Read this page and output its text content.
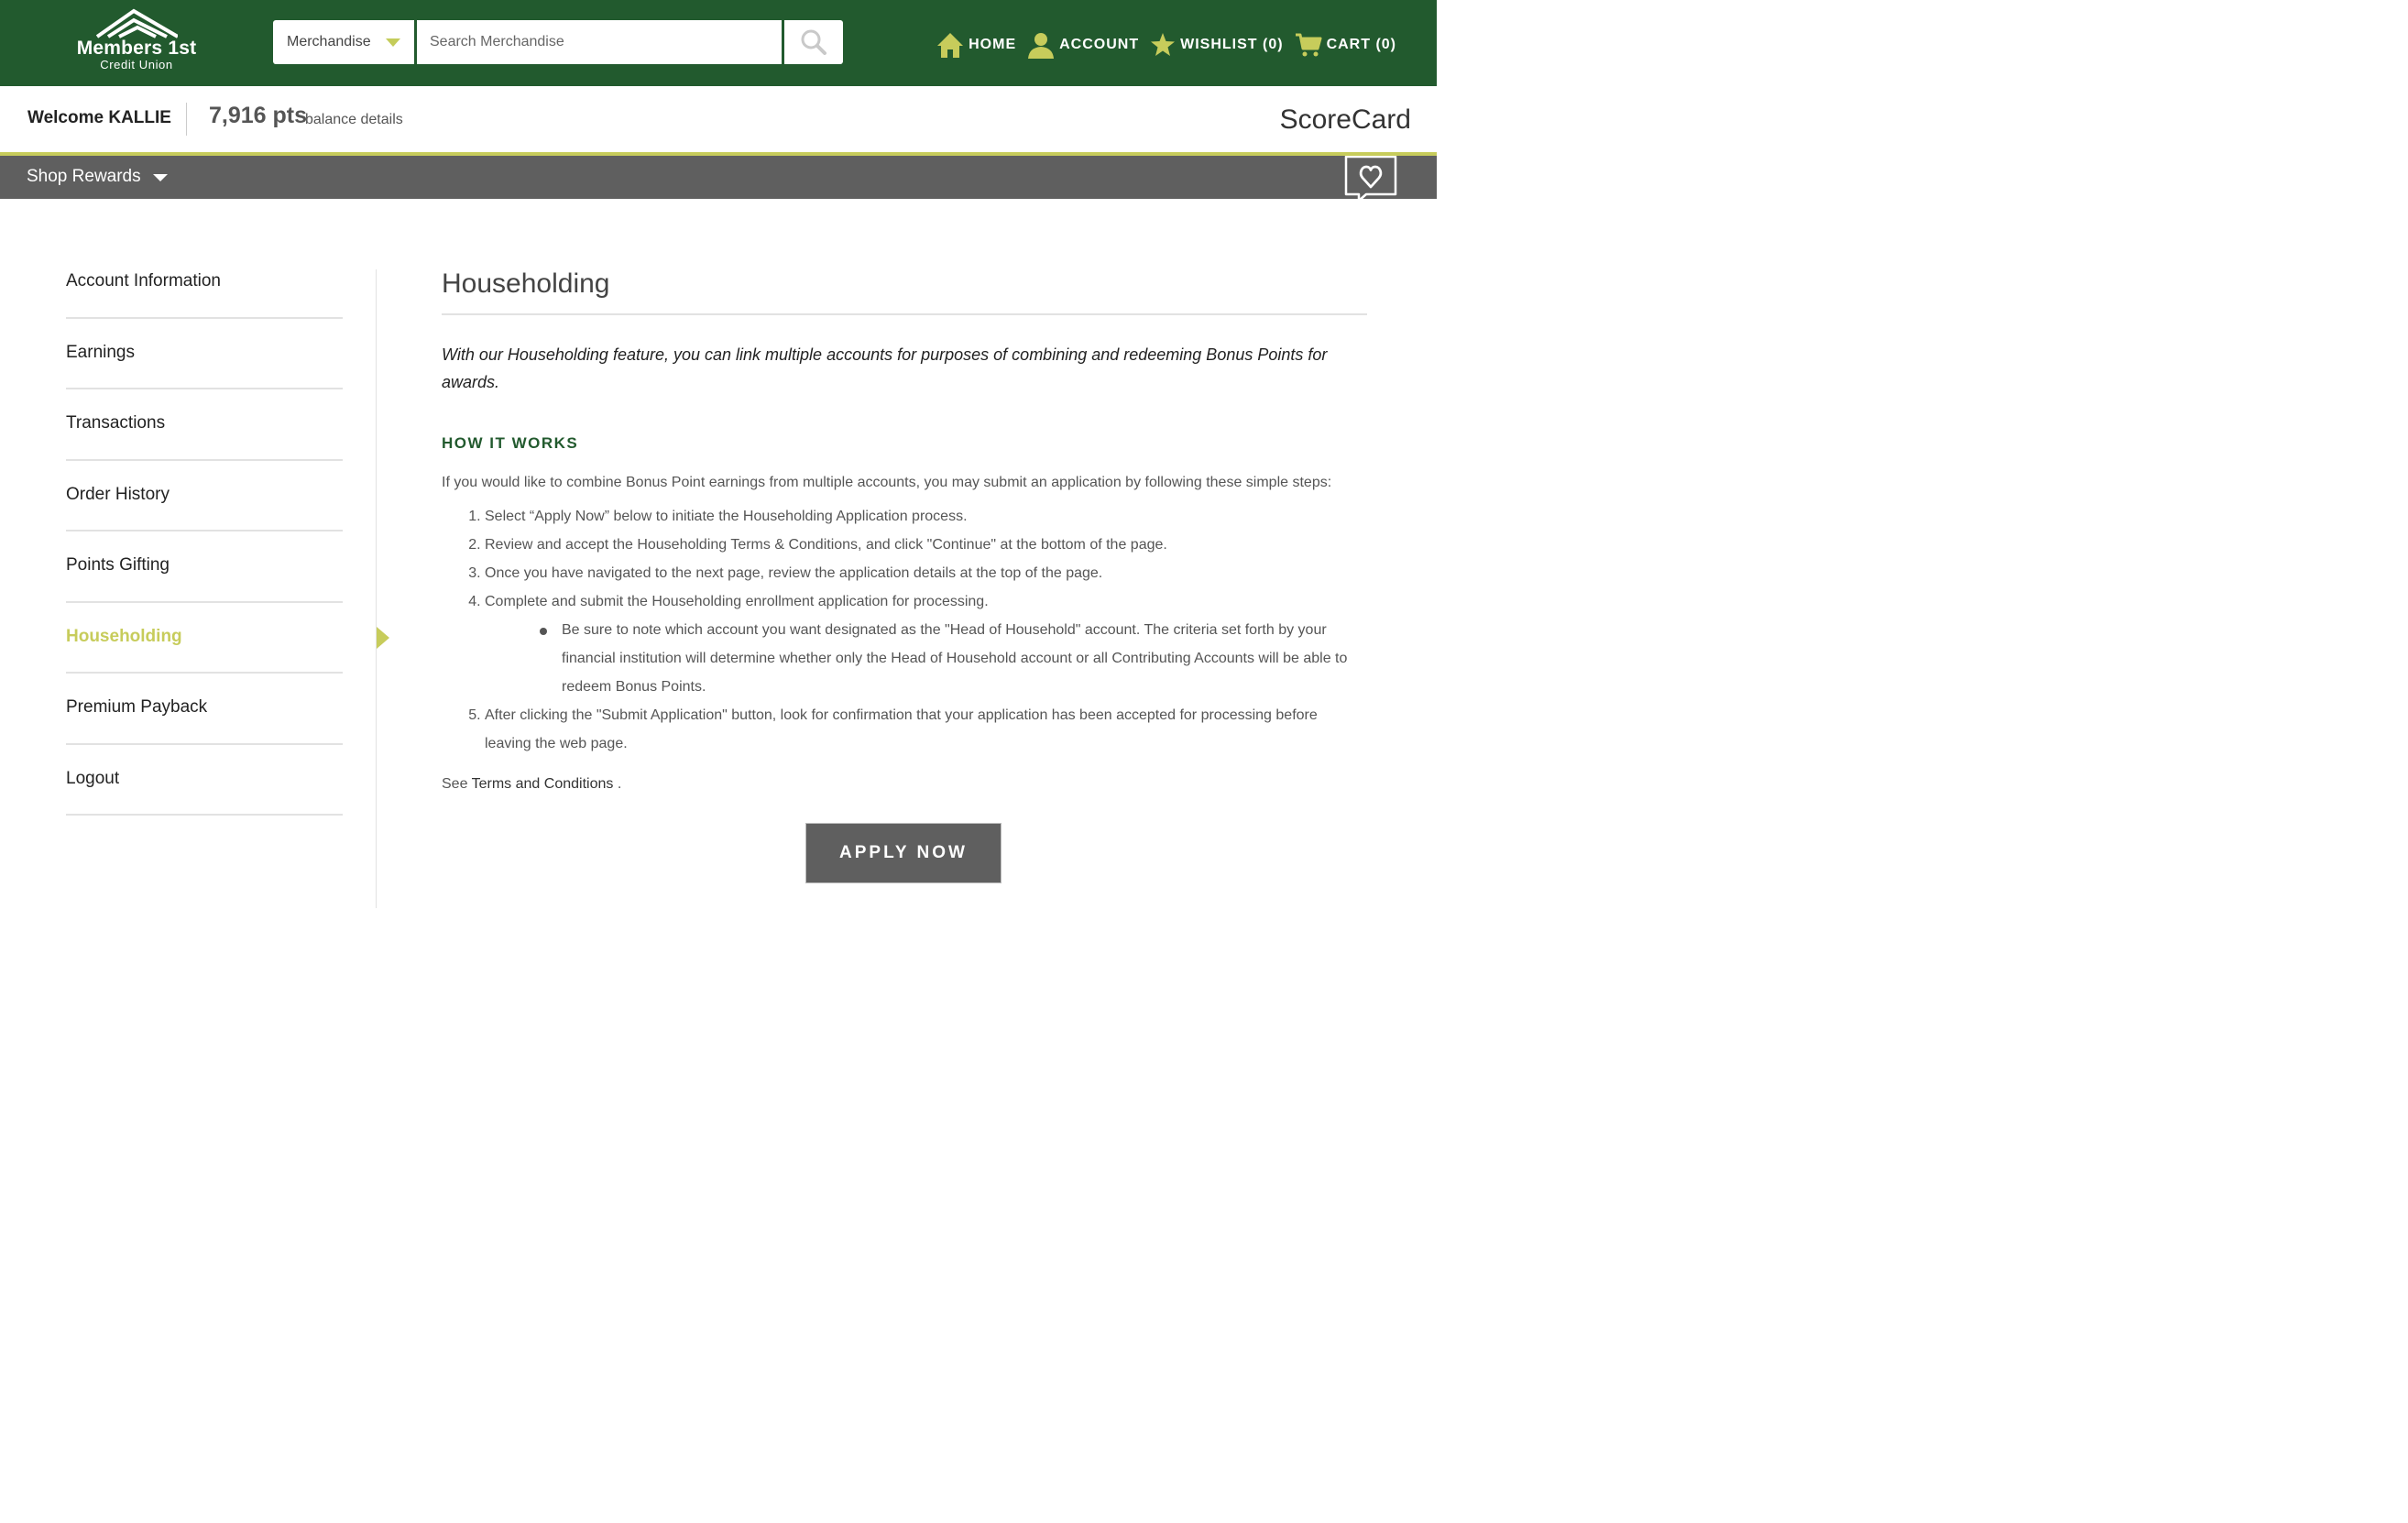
Members 1st
Credit Union
Merchandise
Search Merchandise	HOME	ACCOUNT	WISHLIST (0)	CART (0)
Welcome KALLIE 7,916 pts
balance details	ScoreCard
Shop Rewards
Account Information
Earnings
Transactions
Order History
Points Gifting
Householding
Premium Payback
Logout
Householding
With our Householding feature, you can link multiple accounts for purposes of combining and redeeming Bonus Points for awards.
HOW IT WORKS
If you would like to combine Bonus Point earnings from multiple accounts, you may submit an application by following these simple steps:
1. Select “Apply Now” below to initiate the Householding Application process.
2. Review and accept the Householding Terms & Conditions, and click "Continue" at the bottom of the page.
3. Once you have navigated to the next page, review the application details at the top of the page.
4. Complete and submit the Householding enrollment application for processing.
Be sure to note which account you want designated as the "Head of Household" account. The criteria set forth by your financial institution will determine whether only the Head of Household account or all Contributing Accounts will be able to redeem Bonus Points.
5. After clicking the "Submit Application" button, look for confirmation that your application has been accepted for processing before leaving the web page.
See Terms and Conditions .
APPLY NOW
